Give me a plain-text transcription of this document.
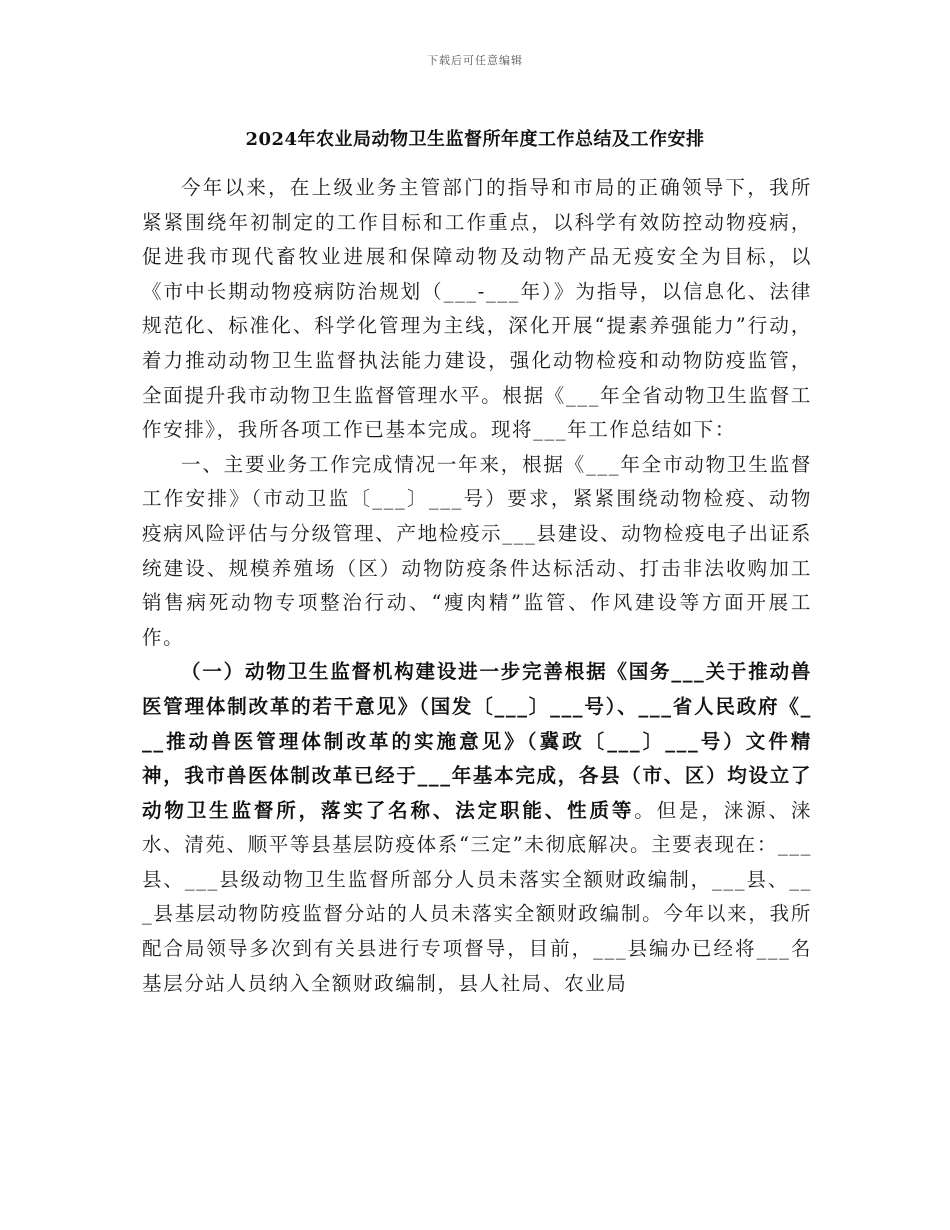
下载后可任意编辑
2024年农业局动物卫生监督所年度工作总结及工作安排

今年以来，在上级业务主管部门的指导和市局的正确领导下，我所紧紧围绕年初制定的工作目标和工作重点，以科学有效防控动物疫病，促进我市现代畜牧业进展和保障动物及动物产品无疫安全为目标，以《市中长期动物疫病防治规划（___-___年）》为指导，以信息化、法律规范化、标准化、科学化管理为主线，深化开展“提素养强能力”行动，着力推动动物卫生监督执法能力建设，强化动物检疫和动物防疫监管，全面提升我市动物卫生监督管理水平。根据《___年全省动物卫生监督工作安排》，我所各项工作已基本完成。现将___年工作总结如下：

一、主要业务工作完成情况一年来，根据《___年全市动物卫生监督工作安排》（市动卫监〔___〕___号）要求，紧紧围绕动物检疫、动物疫病风险评估与分级管理、产地检疫示___县建设、动物检疫电子出证系统建设、规模养殖场（区）动物防疫条件达标活动、打击非法收购加工销售病死动物专项整治行动、“瘦肉精”监管、作风建设等方面开展工作。

（一）动物卫生监督机构建设进一步完善根据《国务___关于推动兽医管理体制改革的若干意见》（国发〔___〕___号）、___省人民政府《___推动兽医管理体制改革的实施意见》（冀政〔___〕___号）文件精神，我市兽医体制改革已经于___年基本完成，各县（市、区）均设立了动物卫生监督所，落实了名称、法定职能、性质等。但是，涞源、涞水、清苑、顺平等县基层防疫体系“三定”未彻底解决。主要表现在：___县、___县级动物卫生监督所部分人员未落实全额财政编制，___县、___县基层动物防疫监督分站的人员未落实全额财政编制。今年以来，我所配合局领导多次到有关县进行专项督导，目前，___县编办已经将___名基层分站人员纳入全额财政编制，县人社局、农业局
